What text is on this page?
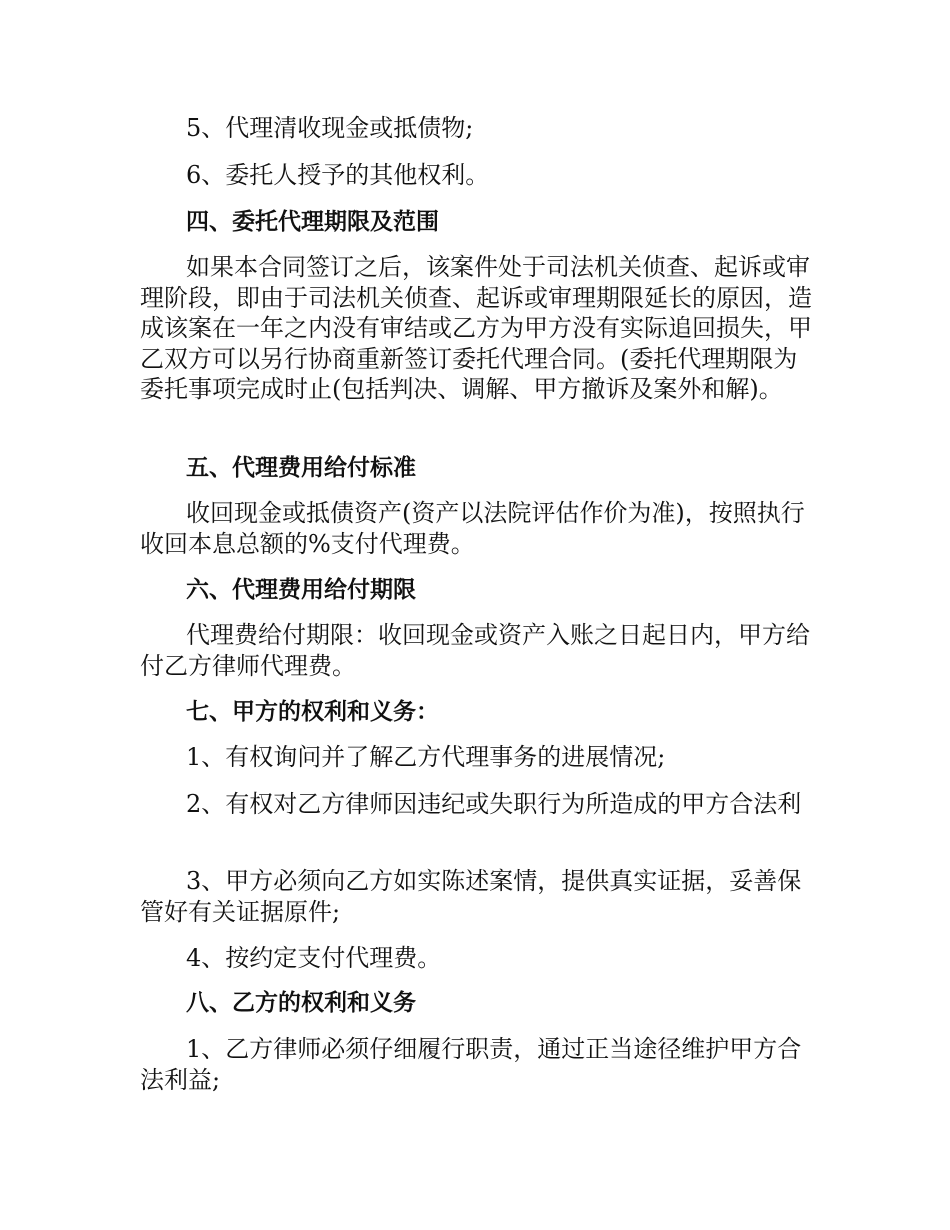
5、代理清收现金或抵债物;

6、委托人授予的其他权利。

四、委托代理期限及范围

如果本合同签订之后，该案件处于司法机关侦查、起诉或审理阶段，即由于司法机关侦查、起诉或审理期限延长的原因，造成该案在一年之内没有审结或乙方为甲方没有实际追回损失，甲乙双方可以另行协商重新签订委托代理合同。(委托代理期限为委托事项完成时止(包括判决、调解、甲方撤诉及案外和解)。

五、代理费用给付标准

收回现金或抵债资产(资产以法院评估作价为准)，按照执行收回本息总额的%支付代理费。

六、代理费用给付期限

代理费给付期限：收回现金或资产入账之日起日内，甲方给付乙方律师代理费。

七、甲方的权利和义务：

1、有权询问并了解乙方代理事务的进展情况;

2、有权对乙方律师因违纪或失职行为所造成的甲方合法利

3、甲方必须向乙方如实陈述案情，提供真实证据，妥善保管好有关证据原件;

4、按约定支付代理费。

八、乙方的权利和义务

1、乙方律师必须仔细履行职责，通过正当途径维护甲方合法利益;
